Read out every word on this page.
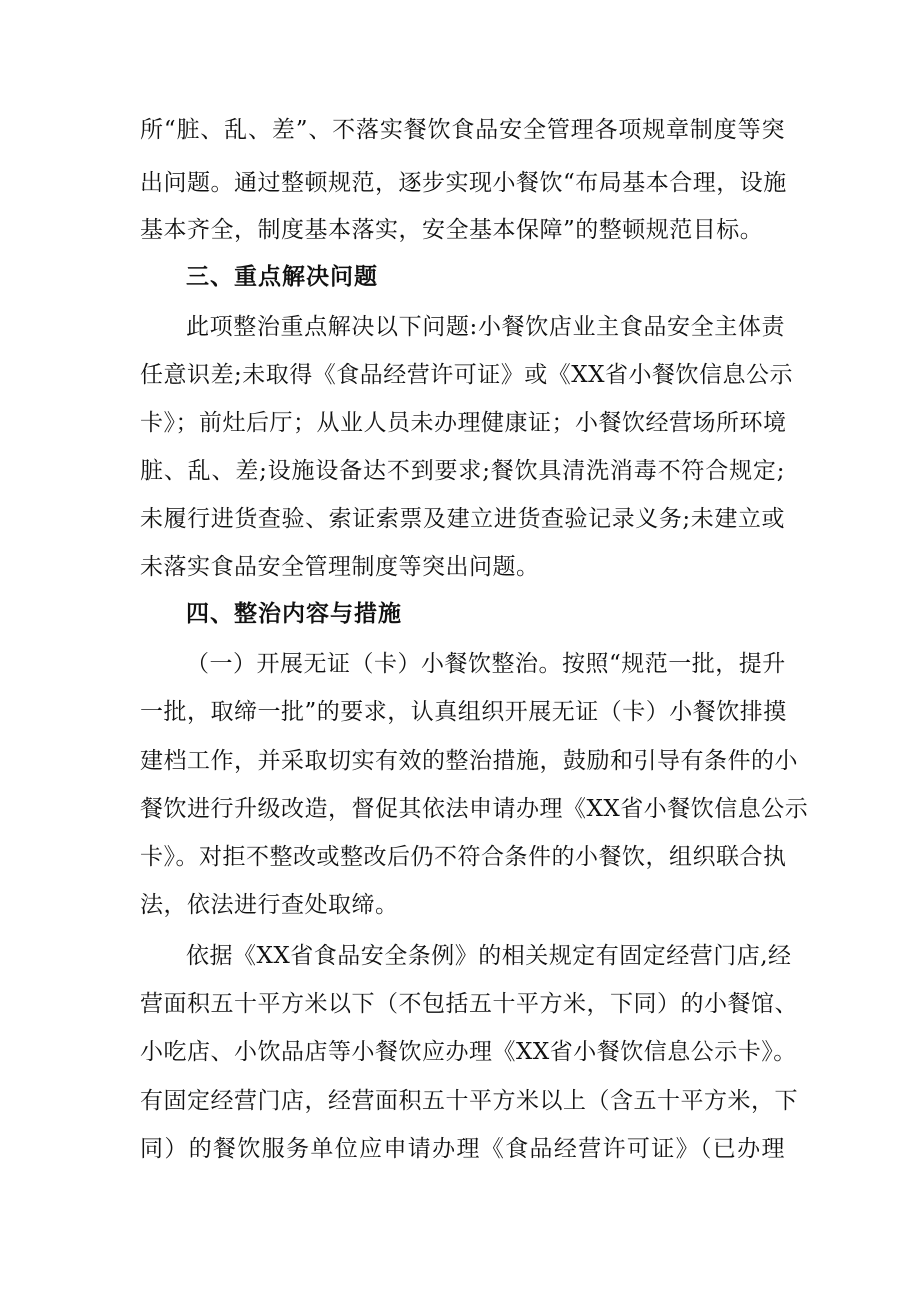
所“脏、乱、差”、不落实餐饮食品安全管理各项规章制度等突
出问题。通过整顿规范，逐步实现小餐饮“布局基本合理，设施
基本齐全，制度基本落实，安全基本保障”的整顿规范目标。
三、重点解决问题
此项整治重点解决以下问题:小餐饮店业主食品安全主体责
任意识差;未取得《食品经营许可证》或《XX省小餐饮信息公示
卡》；前灶后厅；从业人员未办理健康证；小餐饮经营场所环境
脏、乱、差;设施设备达不到要求;餐饮具清洗消毒不符合规定;
未履行进货查验、索证索票及建立进货查验记录义务;未建立或
未落实食品安全管理制度等突出问题。
四、整治内容与措施
（一）开展无证（卡）小餐饮整治。按照“规范一批，提升
一批，取缔一批”的要求，认真组织开展无证（卡）小餐饮排摸
建档工作，并采取切实有效的整治措施，鼓励和引导有条件的小
餐饮进行升级改造，督促其依法申请办理《XX省小餐饮信息公示
卡》。对拒不整改或整改后仍不符合条件的小餐饮，组织联合执
法，依法进行查处取缔。
依据《XX省食品安全条例》的相关规定有固定经营门店,经
营面积五十平方米以下（不包括五十平方米，下同）的小餐馆、
小吃店、小饮品店等小餐饮应办理《XX省小餐饮信息公示卡》。
有固定经营门店，经营面积五十平方米以上（含五十平方米，下
同）的餐饮服务单位应申请办理《食品经营许可证》（已办理
